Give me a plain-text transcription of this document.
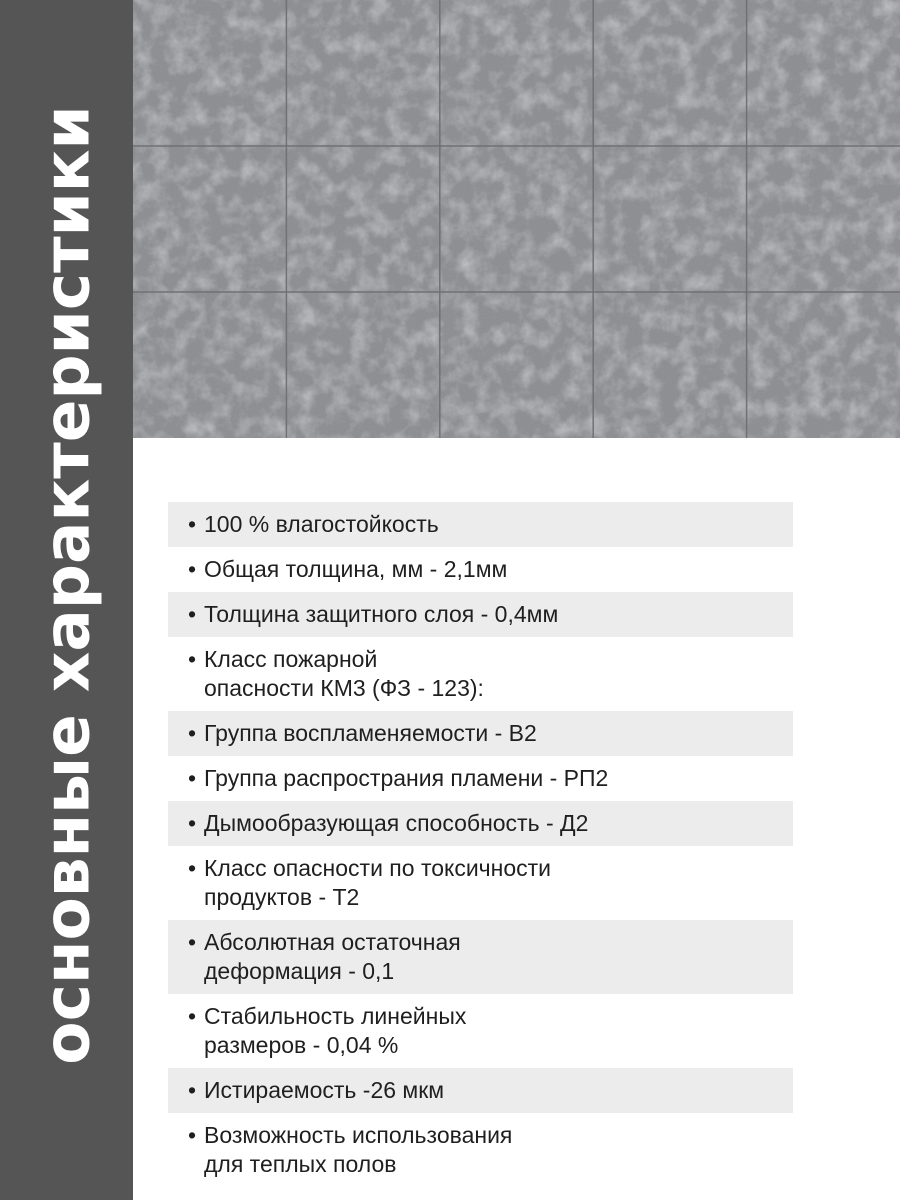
основные характеристики	• 100 % влагостойкость
• Общая толщина, мм - 2,1мм
• Толщина защитного слоя - 0,4мм
• Класс пожарной
опасности КМ3 (ФЗ - 123):
• Группа воспламеняемости - В2
• Группа распространия пламени - РП2
• Дымообразующая способность - Д2
• Класс опасности по токсичности
продуктов - Т2
• Абсолютная остаточная
деформация - 0,1
• Стабильность линейных
размеров - 0,04 %
• Истираемость -26 мкм
• Возможность использования
для теплых полов
